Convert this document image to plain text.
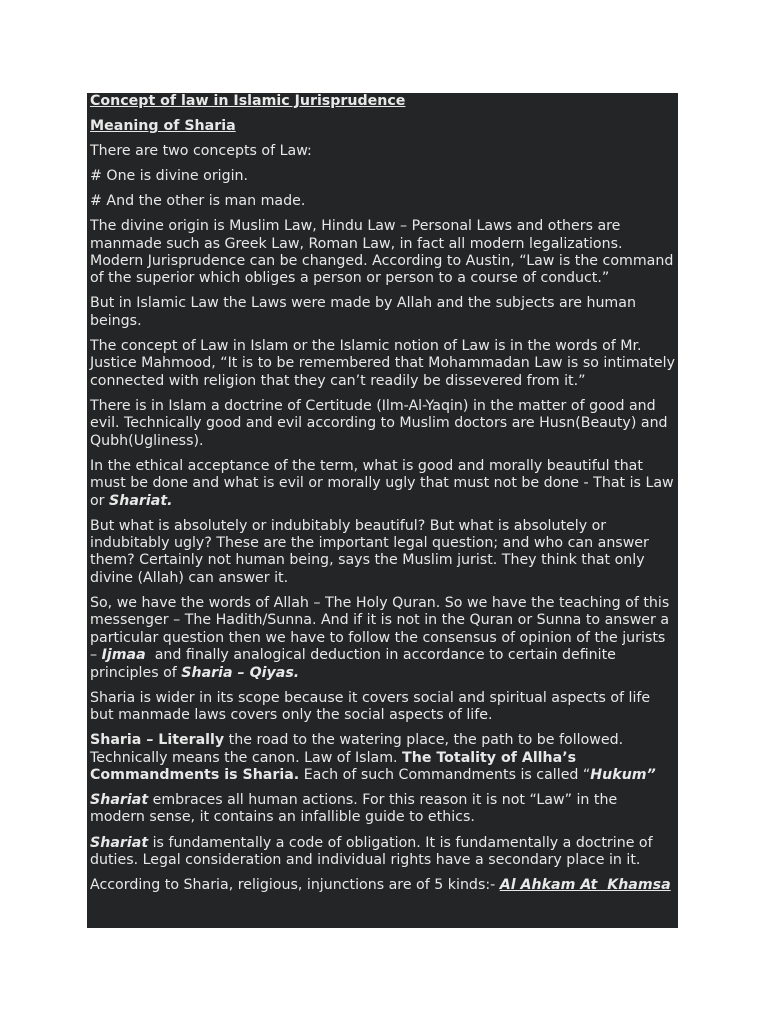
Concept of law in Islamic Jurisprudence

Meaning of Sharia

There are two concepts of Law:

# One is divine origin.

# And the other is man made.

The divine origin is Muslim Law, Hindu Law – Personal Laws and others are manmade such as Greek Law, Roman Law, in fact all modern legalizations. Modern Jurisprudence can be changed. According to Austin, “Law is the command of the superior which obliges a person or person to a course of conduct.”

But in Islamic Law the Laws were made by Allah and the subjects are human beings.

The concept of Law in Islam or the Islamic notion of Law is in the words of Mr. Justice Mahmood, “It is to be remembered that Mohammadan Law is so intimately connected with religion that they can’t readily be dissevered from it.”

There is in Islam a doctrine of Certitude (Ilm-Al-Yaqin) in the matter of good and evil. Technically good and evil according to Muslim doctors are Husn(Beauty) and Qubh(Ugliness).

In the ethical acceptance of the term, what is good and morally beautiful that must be done and what is evil or morally ugly that must not be done - That is Law or Shariat.

But what is absolutely or indubitably beautiful? But what is absolutely or indubitably ugly? These are the important legal question; and who can answer them? Certainly not human being, says the Muslim jurist. They think that only divine (Allah) can answer it.

So, we have the words of Allah – The Holy Quran. So we have the teaching of this messenger – The Hadith/Sunna. And if it is not in the Quran or Sunna to answer a particular question then we have to follow the consensus of opinion of the jurists – Ijmaa  and finally analogical deduction in accordance to certain definite principles of Sharia – Qiyas.

Sharia is wider in its scope because it covers social and spiritual aspects of life but manmade laws covers only the social aspects of life.

Sharia – Literally the road to the watering place, the path to be followed. Technically means the canon. Law of Islam. The Totality of Allha’s Commandments is Sharia. Each of such Commandments is called “Hukum”

Shariat embraces all human actions. For this reason it is not “Law” in the modern sense, it contains an infallible guide to ethics.

Shariat is fundamentally a code of obligation. It is fundamentally a doctrine of duties. Legal consideration and individual rights have a secondary place in it.

According to Sharia, religious, injunctions are of 5 kinds:- Al Ahkam At  Khamsa
